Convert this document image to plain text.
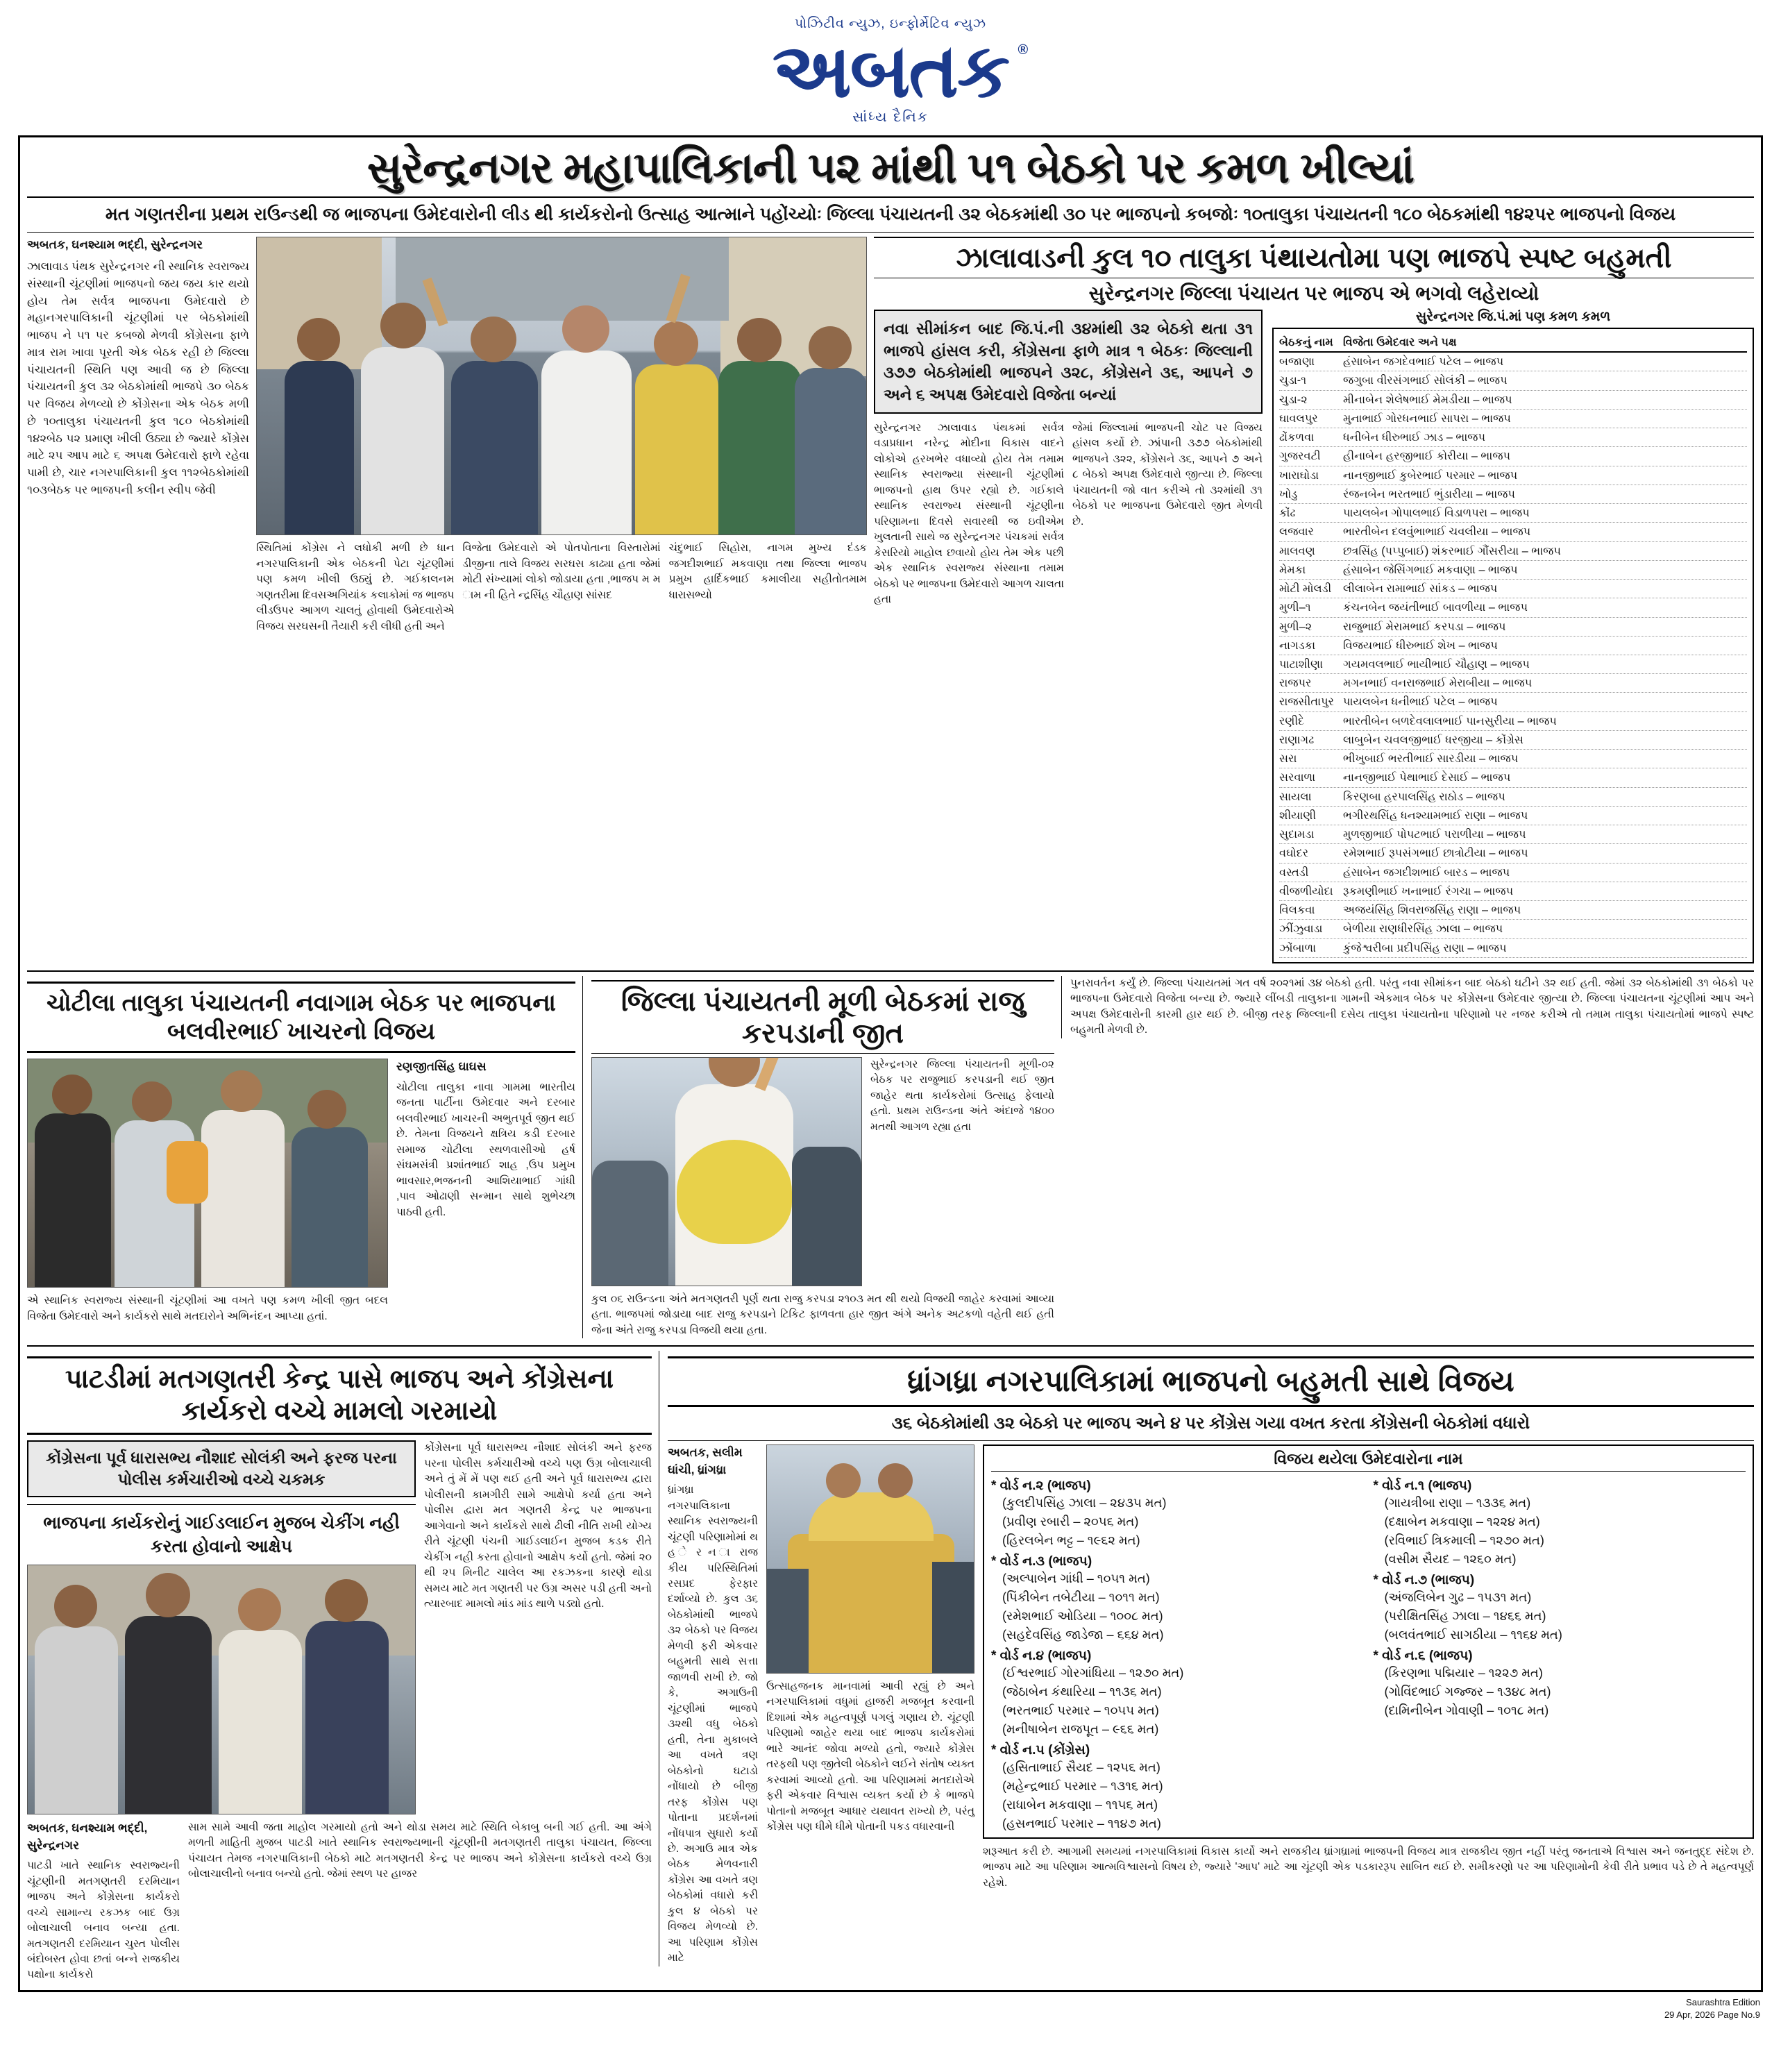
પોઝિટીવ ન્યુઝ, ઇન્ફોર્મેટિવ ન્યુઝ
અબતક ®
સાંધ્ય દૈનિક
સુરેન્દ્રનગર મહાપાલિકાની ૫૨ માંથી ૫૧ બેઠકો પર કમળ ખીલ્યાં
મત ગણતરીના પ્રથમ રાઉન્ડથી જ ભાજપના ઉમેદવારોની લીડ થી કાર્યકરોનો ઉત્સાહ આત્માને પહોંચ્યોઃ જિલ્લા પંચાયતની ૩૨ બેઠકમાંથી ૩૦ પર ભાજપનો કબજોઃ ૧૦તાલુકા પંચાયતની ૧૮૦ બેઠકમાંથી ૧૪૨પર ભાજપનો વિજય
અબતક, ઘનશ્યામ ભદ્દી, સુરેન્દ્રનગર
ઝાલાવાડ પંથક સુરેન્દ્રનગર ની સ્થાનિક સ્વરાજ્ય સંસ્થાની ચૂંટણીમાં ભાજપનો જય જય કાર થયો હોય તેમ સર્વત્ર ભાજપના ઉમેદવારો છે મહાનગરપાલિકાની ચૂંટણીમાં પર બેઠકોમાંથી ભાજપ ને ૫૧ પર કબજો મેળવી કોંગ્રેસના ફાળે માત્ર રામ ખાવા પૂરતી એક બેઠક રહી છે જિલ્લા પંચાયતની સ્થિતિ પણ આવી જ છે જિલ્લા પંચાયતની કુલ ૩૨ બેઠકોમાંથી ભાજપે ૩૦ બેઠક પર વિજય મેળવ્યો છે કોંગ્રેસના એક બેઠક મળી છે ૧૦તાલુકા પંચાયતની કુલ ૧૮૦ બેઠકોમાંથી ૧૪૨બેઠ ૫૨ પ્રમાણ ખીલી ઉઠ્યા છે જ્યારે કોંગ્રેસ માટે ૨૫ આપ માટે ૬ અપક્ષ ઉમેદવારો ફાળે રહેવા પામી છે, ચાર નગરપાલિકાની કુલ ૧૧૨બેઠકોમાંથી ૧૦૩બેઠક પર ભાજપની કલીન સ્વીપ જેવી
સ્થિતિમાં કોંગ્રેસ ને લધોકી મળી છે ધાન નગરપાલિકાની એક બેઠકની પેટા ચૂંટણીમાં પણ કમળ ખીલી ઉઠ્યું છે. ગઈકાલનમ ગણતરીમા દિવસઅગિયાંક કલાકોમાં જ ભાજપ લીડઉપર આગળ ચાલતું હોવાથી ઉમેદવારોએ વિજય સરઘસની તૈયારી કરી લીધી હતી અને
વિજેતા ઉમેદવારો એ પોતપોતાના વિસ્તારોમાં ડીજીના તાલે વિજય સરઘસ કાઢ્યા હતા જેમાં મોટી સંખ્યામાં લોકો જોડાયા હતા ,ભાજપ મ મ ામ ની હિતે ન્દ્રસિંહ ચૌહાણ સાંસદ
ચંદુભાઈ સિહોરા, નાગમ મુખ્ય દંડક જગદીશભાઈ મકવાણા તથા જિલ્લા ભાજપ પ્રમુખ હાર્દિકભાઈ કમાલીયા સહીતોતમામ ધારાસભ્યો
ઝાલાવાડની કુલ ૧૦ તાલુકા પંથાયતોમા પણ ભાજપે સ્પષ્ટ બહુમતી
સુરેન્દ્રનગર જિલ્લા પંચાયત પર ભાજપ એ ભગવો લહેરાવ્યો
નવા સીમાંકન બાદ જિ.પં.ની ૩૪માંથી ૩૨ બેઠકો થતા ૩૧ ભાજપે હાંસલ કરી, કોંગ્રેસના ફાળે માત્ર ૧ બેઠકઃ જિલ્લાની ૩૭૭ બેઠકોમાંથી ભાજપને ૩૨૮, કોંગ્રેસને ૩૬, આપને ૭ અને ૬ અપક્ષ ઉમેદવારો વિજેતા બન્યાં
સુરેન્દ્રનગર ઝાલાવાડ પંથકમાં સર્વત્ર વડાપ્રધાન નરેન્દ્ર મોદીના વિકાસ વાદને લોકોએ હરખભેર વધાવ્યો હોય તેમ તમામ સ્થાનિક સ્વરાજ્યા સંસ્થાની ચૂંટણીમાં ભાજપનો હાથ ઉપર રહ્યો છે. ગઈકાલે સ્થાનિક સ્વરાજ્ય સંસ્થાની ચૂંટણીના પરિણામના દિવસે સવારથી જ ઇવીએમ ખુલતાની સાથે જ સુરેન્દ્રનગર પંચકમાં સર્વત્ર કેસરિયો માહોલ છવાયો હોય તેમ એક પછી એક સ્થાનિક સ્વરાજ્ય સંસ્થાના તમામ બેઠકો પર ભાજપના ઉમેદવારો આગળ ચાલતા હતા
જેમાં જિલ્લામાં ભાજપની ચોટ પર વિજય હાંસલ કર્યો છે. ઝાંપાની ૩૭૭ બેઠકોમાંથી ભાજપને ૩૨૨, કોંગ્રેસને ૩૬, આપને ૭ અને ૮ બેઠકો અપક્ષ ઉમેદવારો જીત્યા છે. જિલ્લા પંચાયતની જો વાત કરીએ તો ૩૨માંથી ૩૧ બેઠકો પર ભાજપના ઉમેદવારો જીત મેળવી છે.
સુરેન્દ્રનગર જિ.પં.માં પણ કમળ કમળ
બેઠકનું નામ વિજેતા ઉમેદવાર અને પક્ષ
બજાણા	હંસાબેન જગદેવભાઈ પટેલ – ભાજપ
ચુડા-૧	જગુબા વીરસંગભાઈ સોલંકી – ભાજપ
ચુડા-૨	મીનાબેન શેલેષભાઈ મેમડીયા – ભાજપ
ઘાવલપુર	મુનાભાઈ ગોરધનભાઈ સાપરા – ભાજપ
ઢોંકળવા	ધનીબેન ધીરુભાઈ ઝાડ – ભાજપ
ગુજરવટી	હીનાબેન હરજીભાઈ કોરીયા – ભાજપ
ખારાઘોડા	નાનજીભાઈ કુબેરભાઈ પરમાર – ભાજપ
ખોડુ	રંજનબેન ભરતભાઈ ભુંડારીયા – ભાજપ
કોંઢ	પાયલબેન ગોપાલભાઈ વિડાળપરા – ભાજપ
લજવાર	ભારતીબેન દલવુંભાભાઈ ચવલીયા – ભાજપ
માલવણ	છત્રસિંહ (પપ્પુબાઈ) શંકરભાઈ ગૌંસરીયા – ભાજપ
મેમકા	હંસાબેન જેસિંગભાઈ મકવાણા – ભાજપ
મોટી મોલડી	લીલાબેન રામાભાઈ સાંકડ – ભાજપ
મુળી–૧	કંચનબેન જયંતીભાઈ બાવળીયા – ભાજપ
મુળી–૨	રાજુભાઈ મેરામભાઈ કરપડા – ભાજપ
નાગડકા	વિજયભાઈ ધીરુભાઈ શેખ – ભાજપ
પાટાશીણા	ગયમવલભાઈ ભાયીભાઈ ચૌહાણ – ભાજપ
રાજપર	મગનભાઈ વનરાજભાઈ મેરાબીયા – ભાજપ
રાજસીતાપુર પાયલબેન ધનીભાઈ પટેલ – ભાજપ
રણીદે	ભારતીબેન બળદેવલાલભાઈ પાનસુરીયા – ભાજપ
રાણાગઢ	લાબુબેન ચવલજીભાઈ ધરજીયા – કોંગ્રેસ
સરા	ભીખુબાઈ ભરતીભાઈ સારડીયા – ભાજપ
સરવાળા	નાનજીભાઈ પેથાભાઈ દેસાઈ – ભાજપ
સાયલા	કિરણબા હરપાલસિંહ રાઠોડ – ભાજપ
શીયાણી	ભગીરથસિંહ ધનશ્યામભાઈ રાણા – ભાજપ
સુદામડા	મુળજીભાઈ પોપટભાઈ પરાળીયા – ભાજપ
વઘોદર	રમેશભાઈ રૂપસંગભાઈ છાત્રોટીયા – ભાજપ
વસ્તડી	હંસાબેન જગદીશભાઈ બારડ – ભાજપ
વીજળીયોદા રૂકમણીભાઈ ખનાભાઈ રંગચા – ભાજપ
વિલકવા	અજયંસિંહ શિવરાજસિંહ રાણા – ભાજપ
ઝીંઝુવાડા	બેળીયા રાણધીરસિંહ ઝાલા – ભાજપ
ઝોંબાળા	કુંજેશ્વરીબા પ્રદીપસિંહ રાણા – ભાજપ
ચોટીલા તાલુકા પંચાયતની નવાગામ બેઠક પર ભાજપના બલવીરભાઈ ખાચરનો વિજય
એ સ્થાનિક સ્વરાજ્ય સંસ્થાની ચૂંટણીમાં આ વખતે પણ કમળ ખીલી જીત બદલ વિજેતા ઉમેદવારો અને કાર્યકરો સાથે મતદારોને અભિનંદન આપ્યા હતાં.
રણજીતસિંહ ઘાઘસ
ચોટીલા તાલુકા નાવા ગામમા ભારતીય જનતા પાર્ટીના ઉમેદવાર અને દરબાર બલવીરભાઈ ખાચરની અભુતપૂર્વ જીત થઈ છે. તેમના વિજયને ક્ષત્રિય કડી દરબાર સમાજ ચોટીલા સ્થળવાસીઓ હર્ષ સંઘમસંત્રી પ્રશાંતભાઈ શાહ ,ઉપ પ્રમુખ ભાવસાર,ભજનની આશિયાભાઈ ગાંધી ,પાવ ઓઢાણી સન્માન સાથે શુભેચ્છા પાઠવી હતી.
જિલ્લા પંચાયતની મૂળી બેઠકમાં રાજુ કરપડાની જીત
સુરેન્દ્રનગર જિલ્લા પંચાયતની મૂળી-૦૨ બેઠક પર રાજુભાઈ કરપડાની થઈ જીત જાહેર થતા કાર્યકરોમાં ઉત્સાહ ફેલાયો હતો. પ્રથમ રાઉન્ડના અંતે અંદાજે ૧૪૦૦ મતથી આગળ રહ્યા હતા
કુલ ૦૬ રાઉન્ડના અંતે મતગણતરી પૂર્ણ થતા રાજુ કરપડા ૨૧૦૩ મત થી થયો વિજયી જાહેર કરવામાં આવ્યા હતા. ભાજપમાં જોડાયા બાદ રાજુ કરપડાને ટિકિટ ફાળવતા હાર જીત અંગે અનેક અટકળો વહેતી થઈ હતી જેના અંતે રાજુ કરપડા વિજયી થયા હતા.
પુનરાવર્તન કર્યું છે. જિલ્લા પંચાયતમાં ગત વર્ષ ૨૦૨૧માં ૩૪ બેઠકો હતી. પરંતુ નવા સીમાંકન બાદ બેઠકો ઘટીને ૩૨ થઈ હતી. જેમાં ૩૨ બેઠકોમાંથી ૩૧ બેઠકો પર ભાજપના ઉમેદવારો વિજેતા બન્યા છે. જ્યારે લીંબડી તાલુકાના ગામની એકમાત્ર બેઠક પર કોંગ્રેસના ઉમેદવાર જીત્યા છે. જિલ્લા પંચાયતના ચૂંટણીમાં આપ અને અપક્ષ ઉમેદવારોની કારમી હાર થઈ છે. બીજી તરફ જિલ્લાની દસેય તાલુકા પંચાયતોના પરિણામો પર નજર કરીએ તો તમામ તાલુકા પંચાયતોમાં ભાજપે સ્પષ્ટ બહુમતી મેળવી છે.
પાટડીમાં મતગણતરી કેન્દ્ર પાસે ભાજપ અને કોંગ્રેસના કાર્યકરો વચ્ચે મામલો ગરમાયો
કોંગ્રેસના પૂર્વ ધારાસભ્ય નૌશાદ સોલંકી અને ફરજ પરના પોલીસ કર્મચારીઓ વચ્ચે ચકમક
ભાજપના કાર્યકરોનું ગાઈડલાઈન મુજબ ચેકીંગ નહી કરતા હોવાનો આક્ષેપ
કોંગ્રેસના પૂર્વ ધારાસભ્ય નૌશાદ સોલંકી અને ફરજ પરના પોલીસ કર્મચારીઓ વચ્ચે પણ ઉગ્ર બોલાચાલી અને તું મેં મેં પણ થઈ હતી અને પૂર્વ ધારાસભ્ય દ્વારા પોલીસની કામગીરી સામે આક્ષેપો કર્યા હતા અને પોલીસ દ્વારા મત ગણતરી કેન્દ્ર પર ભાજપના આગેવાનો અને કાર્યકરો સાથે ઢીલી નીતિ રાખી યોગ્ય રીતે ચૂંટણી પંચની ગાઈડલાઈન મુજબ કડક રીતે ચેકીંગ નહી કરતા હોવાનો આક્ષેપ કર્યો હતો. જેમાં ૨૦ થી ૨૫ મિનીટ ચાલેલ આ રકઝકના કારણે થોડા સમય માટે મત ગણતરી પર ઉગ્ર અસર પડી હતી અનો ત્યારબાદ મામલો માંડ માંડ થાળે પડ્યો હતો.
અબતક, ઘનશ્યામ ભદ્દી, સુરેન્દ્રનગર
પાટડી ખાતે સ્થાનિક સ્વરાજ્યની ચૂંટણીની મતગણતરી દરમિયાન ભાજપ અને કોંગ્રેસના કાર્યકરો વચ્ચે સામાન્ય રકઝક બાદ ઉગ્ર બોલાચાલી બનાવ બન્યા હતા. મતગણતરી દરમિયાન ચુસ્ત પોલીસ બંદોબસ્ત હોવા છતાં બન્ને રાજકીય પક્ષોના કાર્યકરો
સામ સામે આવી જતા માહોલ ગરમાયો હતો અને થોડા સમય માટે સ્થિતિ બેકાબુ બની ગઈ હતી. આ અંગે મળતી માહિતી મુજબ પાટડી ખાતે સ્થાનિક સ્વરાજ્યભાની ચૂંટણીની મતગણતરી તાલુકા પંચાયત, જિલ્લા પંચાયત તેમજ નગરપાલિકાની બેઠકો માટે મતગણતરી કેન્દ્ર પર ભાજપ અને કોંગ્રેસના કાર્યકરો વચ્ચે ઉગ્ર બોલાચાલીનો બનાવ બન્યો હતો. જેમાં સ્થળ પર હાજર
ધ્રાંગધ્રા નગરપાલિકામાં ભાજપનો બહુમતી સાથે વિજય
૩૬ બેઠકોમાંથી ૩૨ બેઠકો પર ભાજપ અને ૪ પર કોંગ્રેસ ગયા વખત કરતા કોંગ્રેસની બેઠકોમાં વધારો
અબતક, સલીમ ઘાંચી, ધ્રાંગધ્રા
ધ્રાંગધ્રા નગરપાલિકાના સ્થાનિક સ્વરાજ્યની ચૂંટણી પરિણામોમાં થ હ ે ર ન ા રાજ કીય પરિસ્થિતિમાં રસપ્રદ ફેરફાર દર્શાવ્યો છે. કુલ ૩૬ બેઠકોમાંથી ભાજપે ૩૨ બેઠકો પર વિજય મેળવી ફરી એકવાર બહુમતી સાથે સત્તા જાળવી રાખી છે. જો કે, અગાઉની ચૂંટણીમાં ભાજપે ૩૨થી વધુ બેઠકો હતી, તેના મુકાબલે આ વખતે ત્રણ બેઠકોનો ઘટાડો નોંધાયો છે બીજી તરફ કોંગ્રેસ પણ પોતાના પ્રદર્શનમાં નોંધપાત્ર સુધારો કર્યો છે. અગાઉ માત્ર એક બેઠક મેળવનારી કોંગ્રેસ આ વખતે ત્રણ બેઠકોમાં વધારો કરી કુલ ૪ બેઠકો પર વિજય મેળવ્યો છે. આ પરિણામ કોંગ્રેસ માટે
ઉત્સાહજનક માનવામાં આવી રહ્યું છે અને નગરપાલિકામાં વધુમાં હાજરી મજબૂત કરવાની દિશામાં એક મહત્વપૂર્ણ પગલું ગણાય છે. ચૂંટણી પરિણામો જાહેર થયા બાદ ભાજપ કાર્યકરોમાં ભારે આનંદ જોવા મળ્યો હતો, જ્યારે કોંગ્રેસ તરફથી પણ જીતેલી બેઠકોને લઈને સંતોષ વ્યક્ત કરવામાં આવ્યો હતો. આ પરિણામમાં મતદારોએ ફરી એકવાર વિશ્વાસ વ્યક્ત કર્યો છે કે ભાજપે પોતાનો મજબૂત આધાર યથાવત રાખ્યો છે, પરંતુ કોંગ્રેસ પણ ધીમે ધીમે પોતાની પકડ વધારવાની
વિજય થયેલા ઉમેદવારોના નામ
* વોર્ડ ન.૨ (ભાજપ)
(કુલદીપસિંહ ઝાલા – ૨૪૩૫ મત)
(પ્રવીણ રબારી – ૨૦૫૬ મત)
(હિરલબેન ભટ્ટ – ૧૯૬૨ મત)
* વોર્ડ ન.૩ (ભાજપ)
(અલ્પાબેન ગાંધી – ૧૦૫૧ મત)
(પિંકીબેન તબેટીયા – ૧૦૧૧ મત)
(રમેશભાઈ ઓડિયા – ૧૦૦૮ મત)
(સહદેવસિંહ જાડેજા – ૬૬૪ મત)
* વોર્ડ ન.૪ (ભાજપ)
(ઈશ્વરભાઈ ગોરગાંધિયા – ૧૨૭૦ મત)
(જેઠાબેન કંથારિયા – ૧૧૩૬ મત)
(ભરતભાઈ પરમાર – ૧૦૫૫ મત)
(મનીષાબેન રાજપૂત – ૯૬૬ મત)
* વોર્ડ ન.૫ (કોંગ્રેસ)
(હસિતાભાઈ સૈયદ – ૧૨૫૬ મત)
(મહેન્દ્રભાઈ પરમાર – ૧૩૧૬ મત)
(રાધાબેન મકવાણા – ૧૧૫૬ મત)
(હસનભાઈ પરમાર – ૧૧૪૭ મત)
* વોર્ડ ન.૧ (ભાજપ)
(ગાયત્રીબા રાણા – ૧૩૩૬ મત)
(દક્ષાબેન મકવાણા – ૧૨૨૪ મત)
(રવિભાઈ ત્રિકમાલી – ૧૨૭૦ મત)
(વસીમ સૈયદ – ૧૨૬૦ મત)
* વોર્ડ ન.૭ (ભાજપ)
(અંજલિબેન ગુઢ – ૧૫૩૧ મત)
(પરીક્ષિતસિંહ ઝાલા – ૧૪૬૬ મત)
(બલવંતભાઈ સાગઠીયા – ૧૧૬૪ મત)
* વોર્ડ ન.૬ (ભાજપ)
(કિરણભા પદ્મિયાર – ૧૨૨૭ મત)
(ગોવિંદભાઈ ગજ્જર – ૧૩૪૮ મત)
(દામિનીબેન ગોવાણી – ૧૦૧૮ મત)
શરૂઆત કરી છે. આગામી સમયમાં નગરપાલિકામાં વિકાસ કાર્યો અને રાજકીય ધ્રાંગધ્રામાં ભાજપની વિજય માત્ર રાજકીય જીત નહીં પરંતુ જનતાએ વિશ્વાસ અને જનતુદ્દ સંદેશ છે. ભાજપ માટે આ પરિણામ આત્મવિશ્વાસનો વિષય છે, જ્યારે 'આપ' માટે આ ચૂંટણી એક પડકારરૂપ સાબિત થઈ છે. સમીકરણો પર આ પરિણામોની કેવી રીતે પ્રભાવ પડે છે તે મહત્વપૂર્ણ રહેશે.
Saurashtra Edition
29 Apr, 2026 Page No.9
